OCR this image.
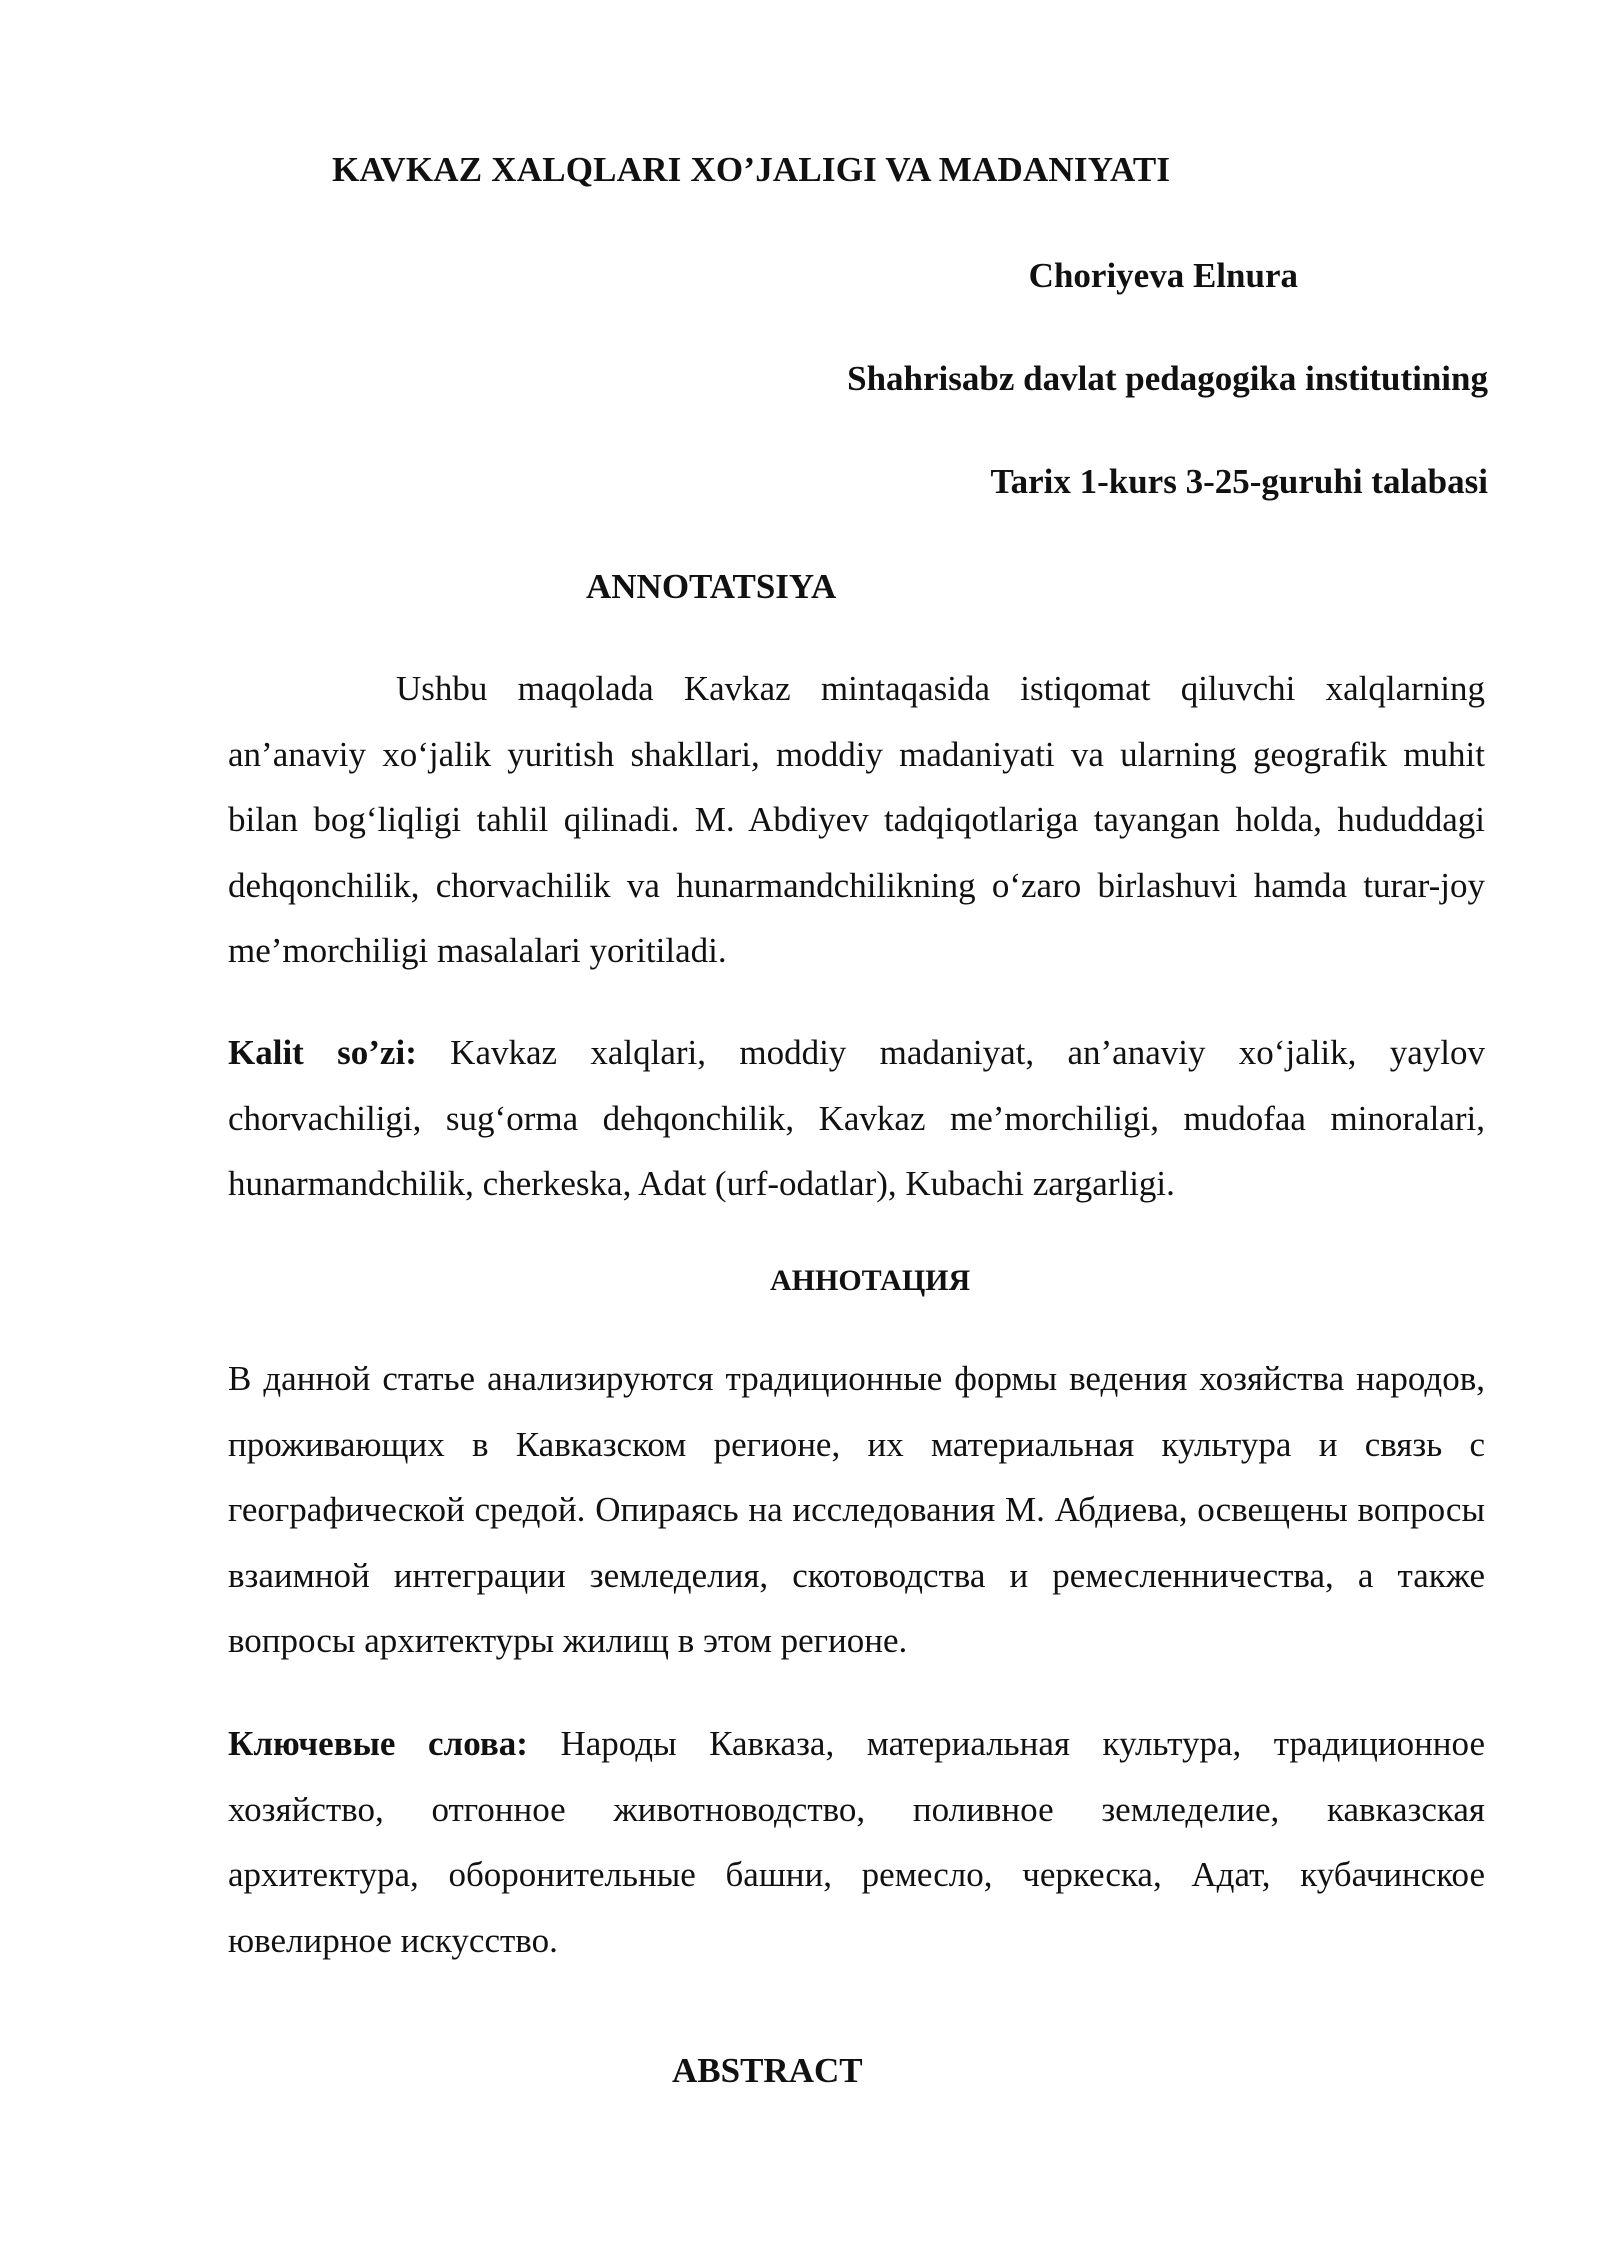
KAVKAZ XALQLARI XO’JALIGI VA MADANIYATI
Choriyeva Elnura
Shahrisabz davlat pedagogika institutining
Tarix 1-kurs 3-25-guruhi talabasi
ANNOTATSIYA

Ushbu maqolada Kavkaz mintaqasida istiqomat qiluvchi xalqlarning an’anaviy xo‘jalik yuritish shakllari, moddiy madaniyati va ularning geografik muhit bilan bog‘liqligi tahlil qilinadi. M. Abdiyev tadqiqotlariga tayangan holda, hududdagi dehqonchilik, chorvachilik va hunarmandchilikning o‘zaro birlashuvi hamda turar-joy me’morchiligi masalalari yoritiladi.

Kalit so’zi: Kavkaz xalqlari, moddiy madaniyat, an’anaviy xo‘jalik, yaylov chorvachiligi, sug‘orma dehqonchilik, Kavkaz me’morchiligi, mudofaa minoralari, hunarmandchilik, cherkeska, Adat (urf-odatlar), Kubachi zargarligi.

АННОТАЦИЯ

В данной статье анализируются традиционные формы ведения хозяйства народов, проживающих в Кавказском регионе, их материальная культура и связь с географической средой. Опираясь на исследования М. Абдиева, освещены вопросы взаимной интеграции земледелия, скотоводства и ремесленничества, а также вопросы архитектуры жилищ в этом регионе.

Ключевые слова: Народы Кавказа, материальная культура, традиционное хозяйство, отгонное животноводство, поливное земледелие, кавказская архитектура, оборонительные башни, ремесло, черкеска, Адат, кубачинское ювелирное искусство.

ABSTRACT
